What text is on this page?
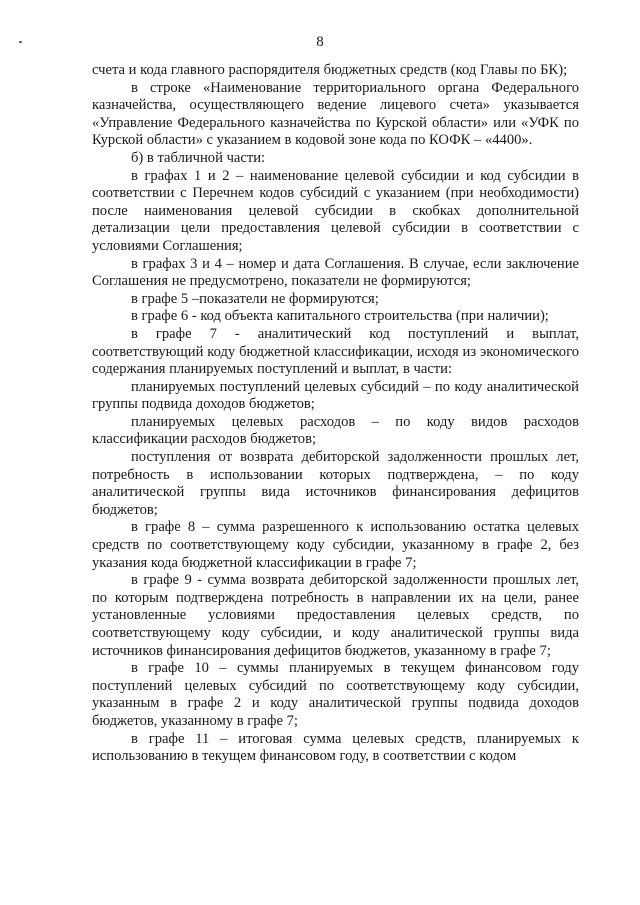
8

счета и кода главного распорядителя бюджетных средств (код Главы по БК);

в строке «Наименование территориального органа Федерального казначейства, осуществляющего ведение лицевого счета» указывается «Управление Федерального казначейства по Курской области» или «УФК по Курской области» с указанием в кодовой зоне кода по КОФК – «4400».

б) в табличной части:

в графах 1 и 2 – наименование целевой субсидии и код субсидии в соответствии с Перечнем кодов субсидий с указанием (при необходимости) после наименования целевой субсидии в скобках дополнительной детализации цели предоставления целевой субсидии в соответствии с условиями Соглашения;

в графах 3 и 4 – номер и дата Соглашения. В случае, если заключение Соглашения не предусмотрено, показатели не формируются;

в графе 5 –показатели не формируются;

в графе 6 - код объекта капитального строительства (при наличии);

в графе 7 - аналитический код поступлений и выплат, соответствующий коду бюджетной классификации, исходя из экономического содержания планируемых поступлений и выплат, в части:

планируемых поступлений целевых субсидий – по коду аналитической группы подвида доходов бюджетов;

планируемых целевых расходов – по коду видов расходов классификации расходов бюджетов;

поступления от возврата дебиторской задолженности прошлых лет, потребность в использовании которых подтверждена, – по коду аналитической группы вида источников финансирования дефицитов бюджетов;

в графе 8 – сумма разрешенного к использованию остатка целевых средств по соответствующему коду субсидии, указанному в графе 2, без указания кода бюджетной классификации в графе 7;

в графе 9 - сумма возврата дебиторской задолженности прошлых лет, по которым подтверждена потребность в направлении их на цели, ранее установленные условиями предоставления целевых средств, по соответствующему коду субсидии, и коду аналитической группы вида источников финансирования дефицитов бюджетов, указанному в графе 7;

в графе 10 – суммы планируемых в текущем финансовом году поступлений целевых субсидий по соответствующему коду субсидии, указанным в графе 2 и коду аналитической группы подвида доходов бюджетов, указанному в графе 7;

в графе 11 – итоговая сумма целевых средств, планируемых к использованию в текущем финансовом году, в соответствии с кодом
